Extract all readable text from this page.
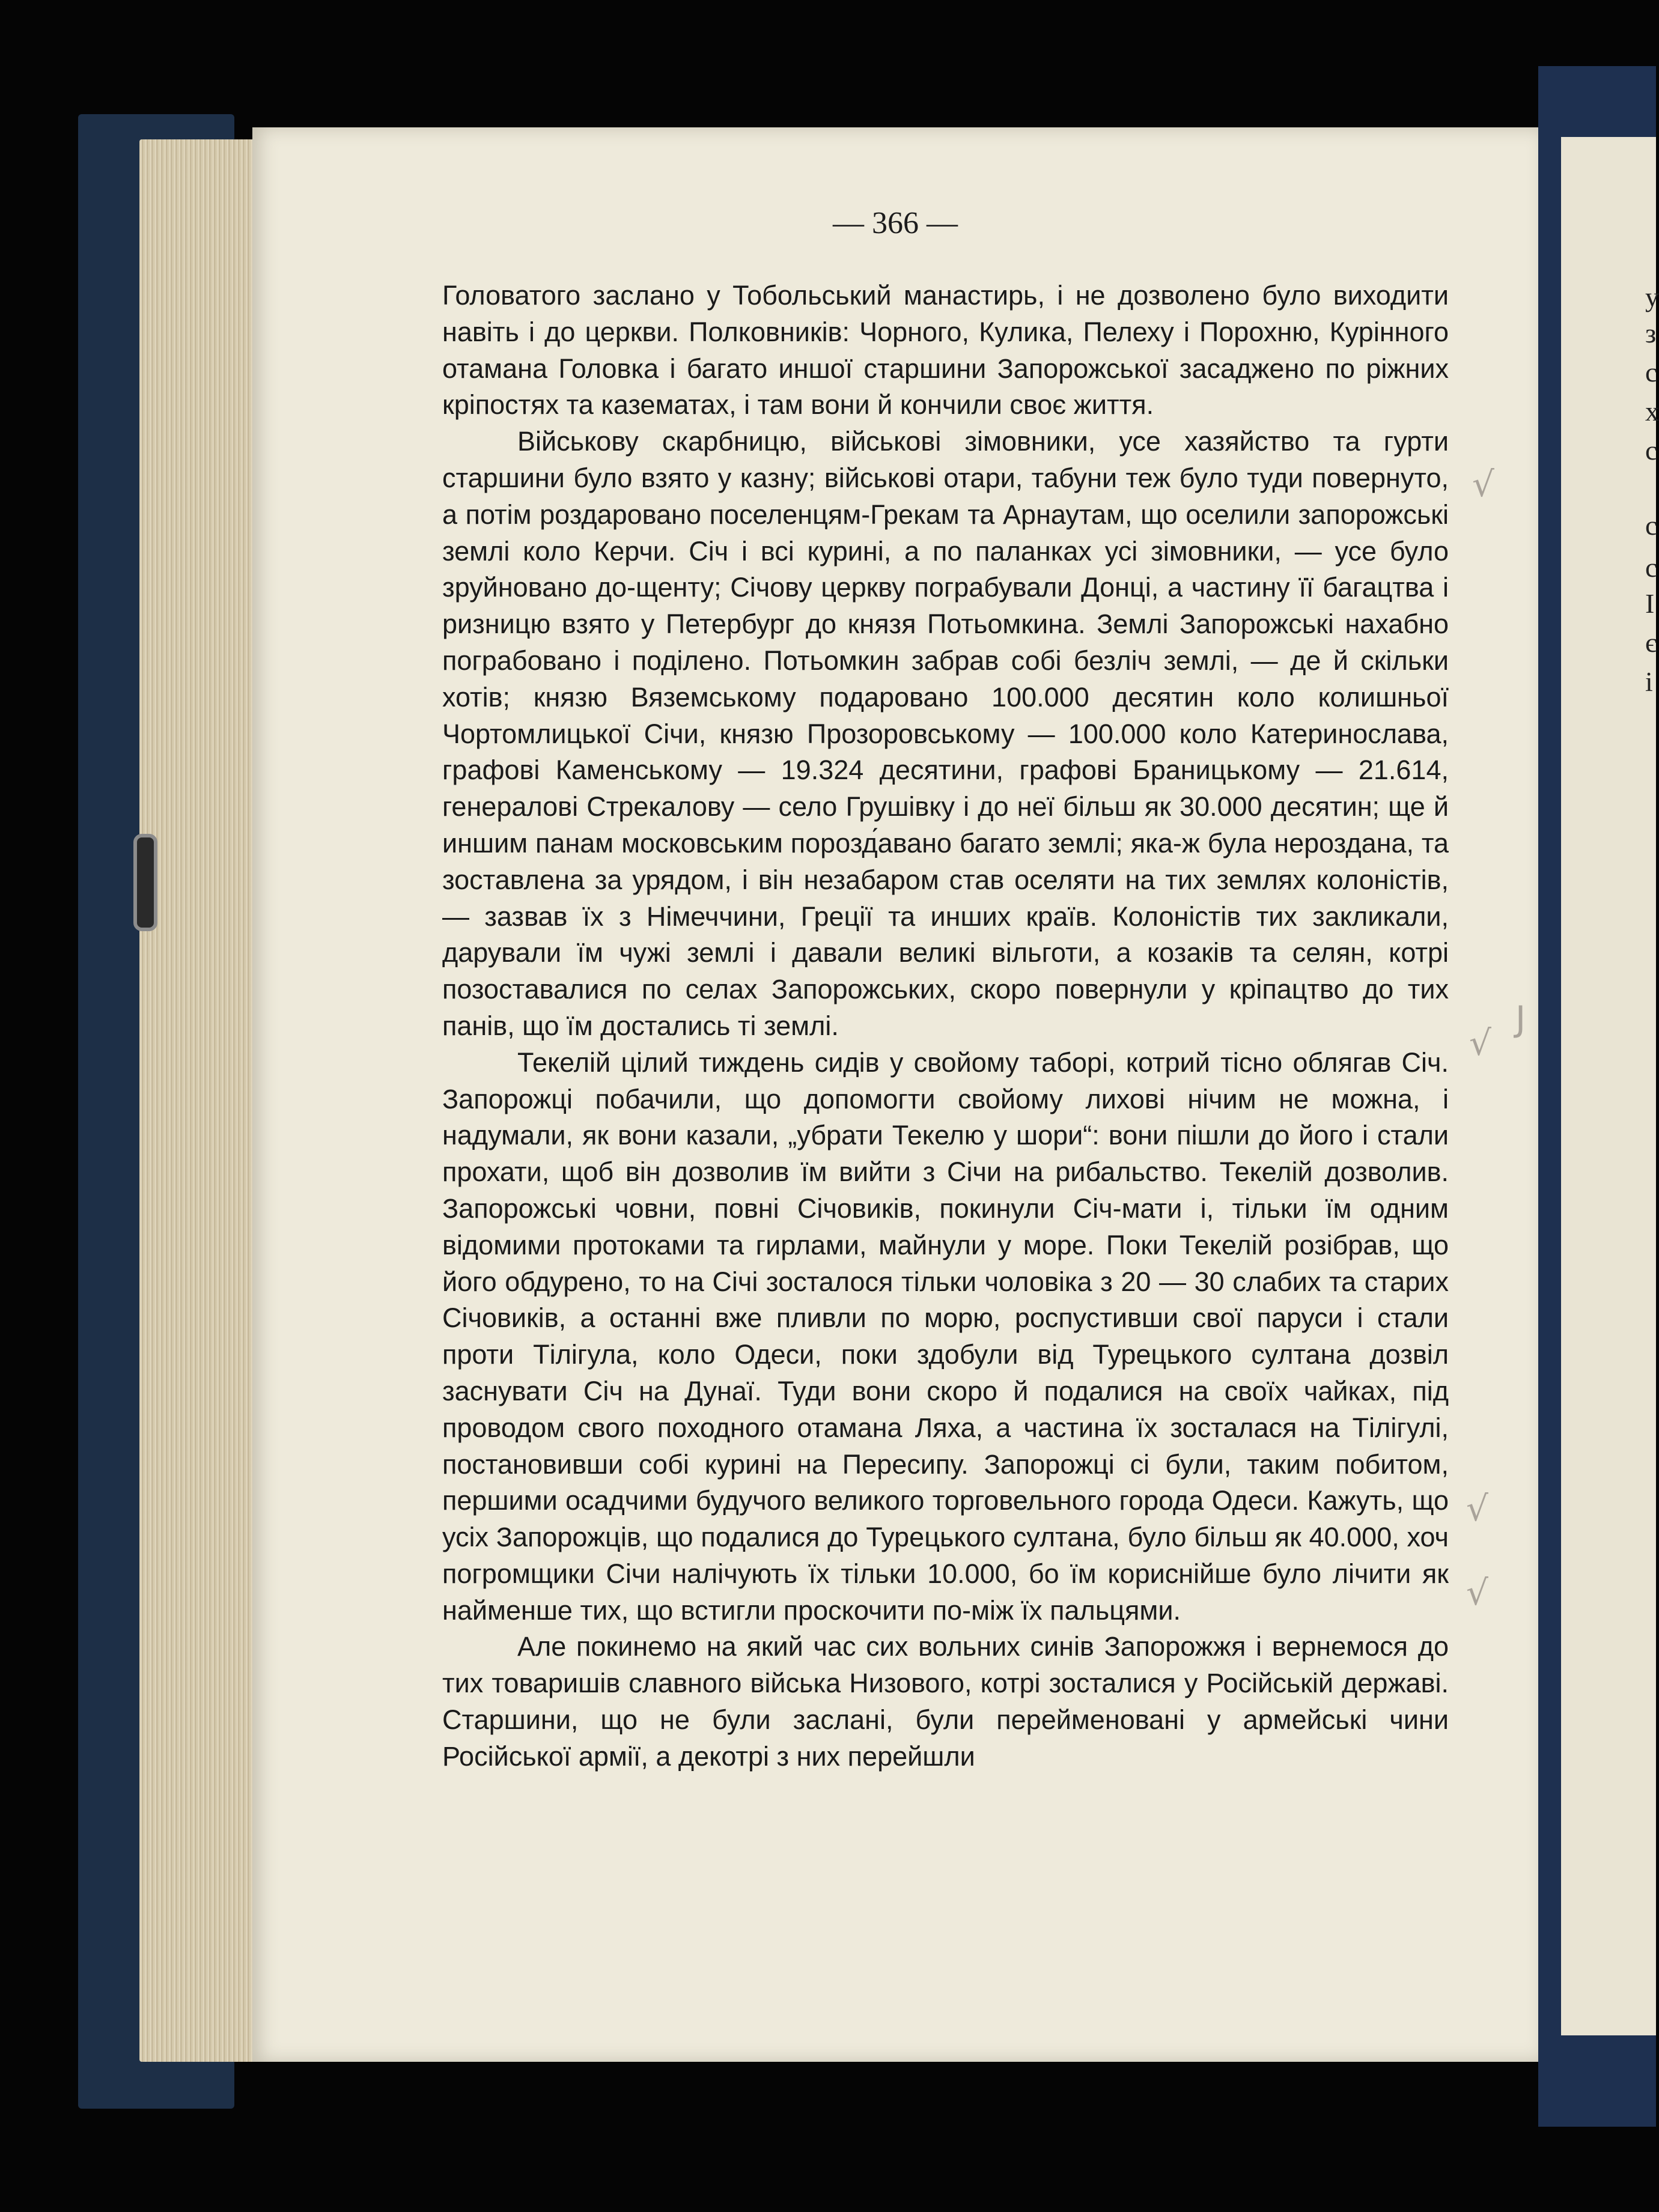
у
з
с
х
с
с
с
І
є
і
— 366 —

Головатого заслано у Тобольський манастирь, і не дозволено було виходити навіть і до церкви. Полковників: Чорного, Кулика, Пелеху і Порохню, Курінного отамана Головка і багато иншої старшини Запорожської засаджено по ріжних кріпостях та казематах, і там вони й кончили своє життя.

Військову скарбницю, військові зімовники, усе хазяйство та гурти старшини було взято у казну; військові отари, табуни теж було туди повернуто, а потім роздаровано поселенцям-Грекам та Арнаутам, що оселили запорожські землі коло Керчи. Січ і всі курині, а по паланках усі зімовники, — усе було зруйновано до-щенту; Січову церкву пограбували Донці, а частину її багацтва і ризницю взято у Петербург до князя Потьомкина. Землі Запорожські нахабно пограбовано і поділено. Потьомкин забрав собі безліч землі, — де й скільки хотів; князю Вяземському подаровано 100.000 десятин коло колишньої Чортомлицької Січи, князю Прозоровському — 100.000 коло Катеринослава, графові Каменському — 19.324 десятини, графові Браницькому — 21.614, генералові Стрекалову — село Грушівку і до неї більш як 30.000 десятин; ще й иншим панам московським порозд́авано багато землі; яка-ж була нероздана, та зоставлена за урядом, і він незабаром став оселяти на тих землях колоністів, — зазвав їх з Німеччини, Греції та инших країв. Колоністів тих закликали, дарували їм чужі землі і давали великі вільготи, а козаків та селян, котрі позоставалися по селах Запорожських, скоро повернули у кріпацтво до тих панів, що їм достались ті землі.

Текелій цілий тиждень сидів у свойому таборі, котрий тісно облягав Січ. Запорожці побачили, що допомогти свойому лихові нічим не можна, і надумали, як вони казали, „убрати Текелю у шори“: вони пішли до його і стали прохати, щоб він дозволив їм вийти з Січи на рибальство. Текелій дозволив. Запорожські човни, повні Січовиків, покинули Січ-мати і, тільки їм одним відомими протоками та гирлами, майнули у море. Поки Текелій розібрав, що його обдурено, то на Січі зосталося тільки чоловіка з 20 — 30 слабих та старих Січовиків, а останні вже пливли по морю, роспустивши свої паруси і стали проти Тілігула, коло Одеси, поки здобули від Турецького султана дозвіл заснувати Січ на Дунаї. Туди вони скоро й подалися на своїх чайках, під проводом свого походного отамана Ляха, а частина їх зосталася на Тілігулі, постановивши собі курині на Пересипу. Запорожці сі були, таким побитом, першими осадчими будучого великого торговельного города Одеси. Кажуть, що усіх Запорожців, що подалися до Турецького султана, було більш як 40.000, хоч погромщики Січи налічують їх тільки 10.000, бо їм кориснійше було лічити як найменше тих, що встигли проскочити по-між їх пальцями.

Але покинемо на який час сих вольних синів Запорожжя і вернемося до тих товаришів славного війська Низового, котрі зосталися у Російській державі. Старшини, що не були заслані, були перейменовані у армейські чини Російської армії, а декотрі з них перейшли

√
√
√
√
J
